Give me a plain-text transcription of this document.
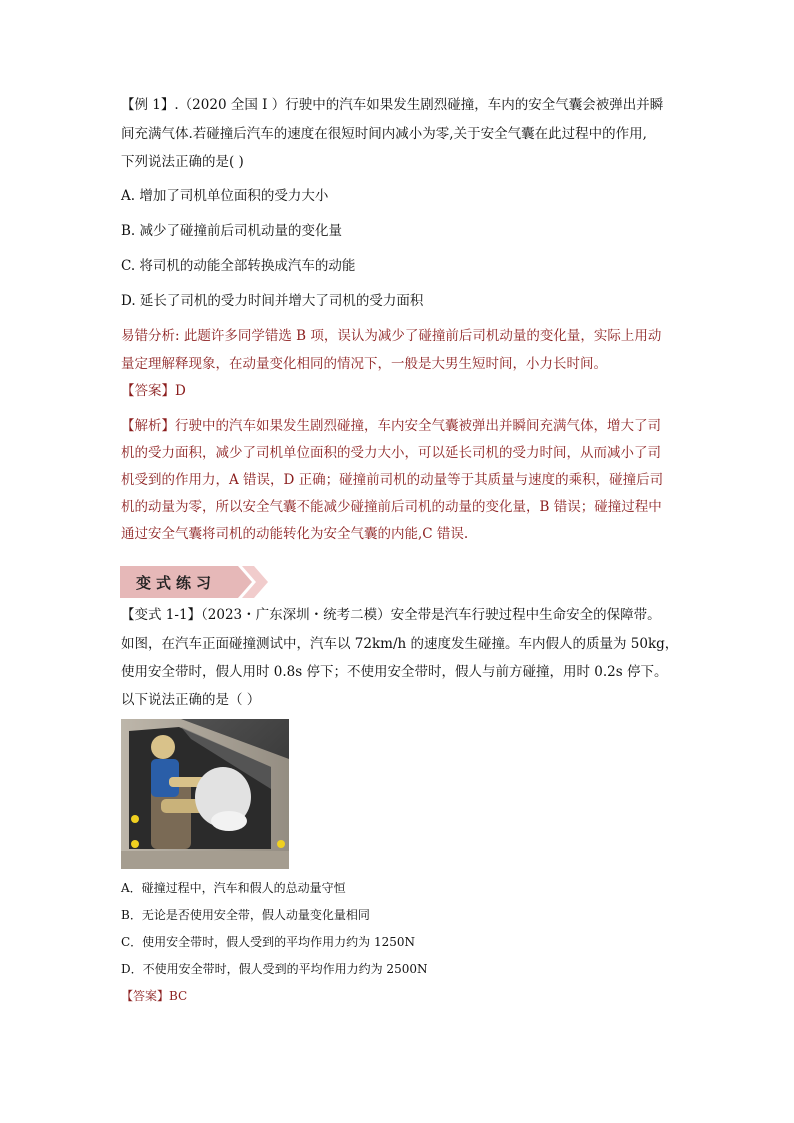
【例 1】.（2020 全国 I ）行驶中的汽车如果发生剧烈碰撞，车内的安全气囊会被弹出并瞬
间充满气体.若碰撞后汽车的速度在很短时间内减小为零,关于安全气囊在此过程中的作用,
下列说法正确的是( )
A. 增加了司机单位面积的受力大小
B. 减少了碰撞前后司机动量的变化量
C. 将司机的动能全部转换成汽车的动能
D. 延长了司机的受力时间并增大了司机的受力面积
易错分析: 此题许多同学错选 B 项，误认为减少了碰撞前后司机动量的变化量，实际上用动
量定理解释现象，在动量变化相同的情况下，一般是大男生短时间，小力长时间。
【答案】D
【解析】行驶中的汽车如果发生剧烈碰撞，车内安全气囊被弹出并瞬间充满气体，增大了司
机的受力面积，减少了司机单位面积的受力大小，可以延长司机的受力时间，从而减小了司
机受到的作用力，A 错误，D 正确；碰撞前司机的动量等于其质量与速度的乘积，碰撞后司
机的动量为零，所以安全气囊不能减少碰撞前后司机的动量的变化量，B 错误；碰撞过程中
通过安全气囊将司机的动能转化为安全气囊的内能,C 错误.
变式练习
【变式 1-1】（2023・广东深圳・统考二模）安全带是汽车行驶过程中生命安全的保障带。
如图，在汽车正面碰撞测试中，汽车以 72km/h 的速度发生碰撞。车内假人的质量为 50kg，
使用安全带时，假人用时 0.8s 停下；不使用安全带时，假人与前方碰撞，用时 0.2s 停下。
以下说法正确的是（ ）
A．碰撞过程中，汽车和假人的总动量守恒
B．无论是否使用安全带，假人动量变化量相同
C．使用安全带时，假人受到的平均作用力约为 1250N
D．不使用安全带时，假人受到的平均作用力约为 2500N
【答案】BC
